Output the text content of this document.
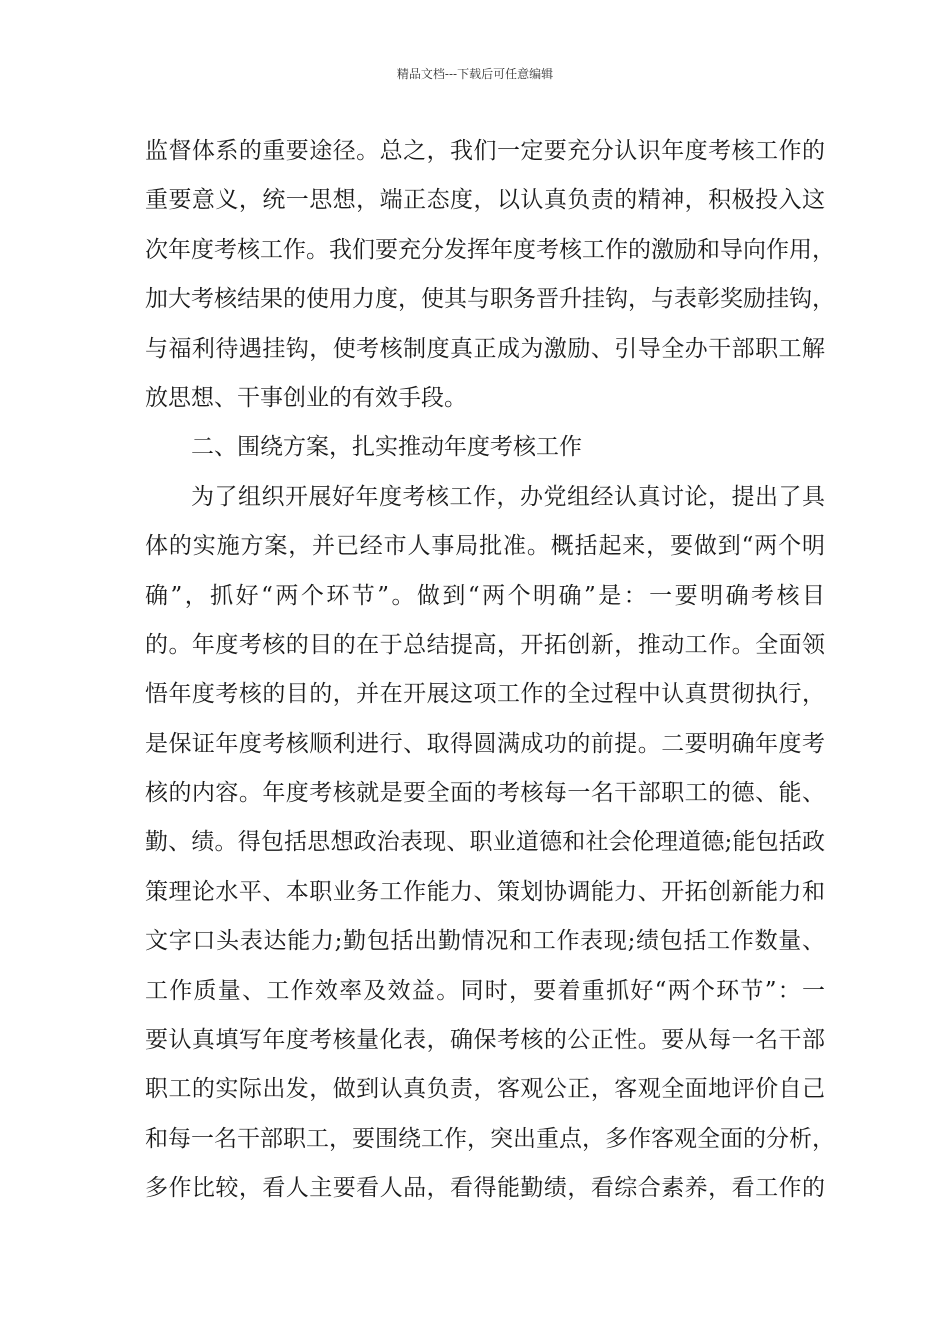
精品文档---下载后可任意编辑
监督体系的重要途径。总之，我们一定要充分认识年度考核工作的
重要意义，统一思想，端正态度，以认真负责的精神，积极投入这
次年度考核工作。我们要充分发挥年度考核工作的激励和导向作用，
加大考核结果的使用力度，使其与职务晋升挂钩，与表彰奖励挂钩，
与福利待遇挂钩，使考核制度真正成为激励、引导全办干部职工解
放思想、干事创业的有效手段。
二、围绕方案，扎实推动年度考核工作
为了组织开展好年度考核工作，办党组经认真讨论，提出了具
体的实施方案，并已经市人事局批准。概括起来，要做到“两个明
确”，抓好“两个环节”。做到“两个明确”是：一要明确考核目
的。年度考核的目的在于总结提高，开拓创新，推动工作。全面领
悟年度考核的目的，并在开展这项工作的全过程中认真贯彻执行，
是保证年度考核顺利进行、取得圆满成功的前提。二要明确年度考
核的内容。年度考核就是要全面的考核每一名干部职工的德、能、
勤、绩。得包括思想政治表现、职业道德和社会伦理道德;能包括政
策理论水平、本职业务工作能力、策划协调能力、开拓创新能力和
文字口头表达能力;勤包括出勤情况和工作表现;绩包括工作数量、
工作质量、工作效率及效益。同时，要着重抓好“两个环节”：一
要认真填写年度考核量化表，确保考核的公正性。要从每一名干部
职工的实际出发，做到认真负责，客观公正，客观全面地评价自己
和每一名干部职工，要围绕工作，突出重点，多作客观全面的分析，
多作比较，看人主要看人品，看得能勤绩，看综合素养，看工作的
